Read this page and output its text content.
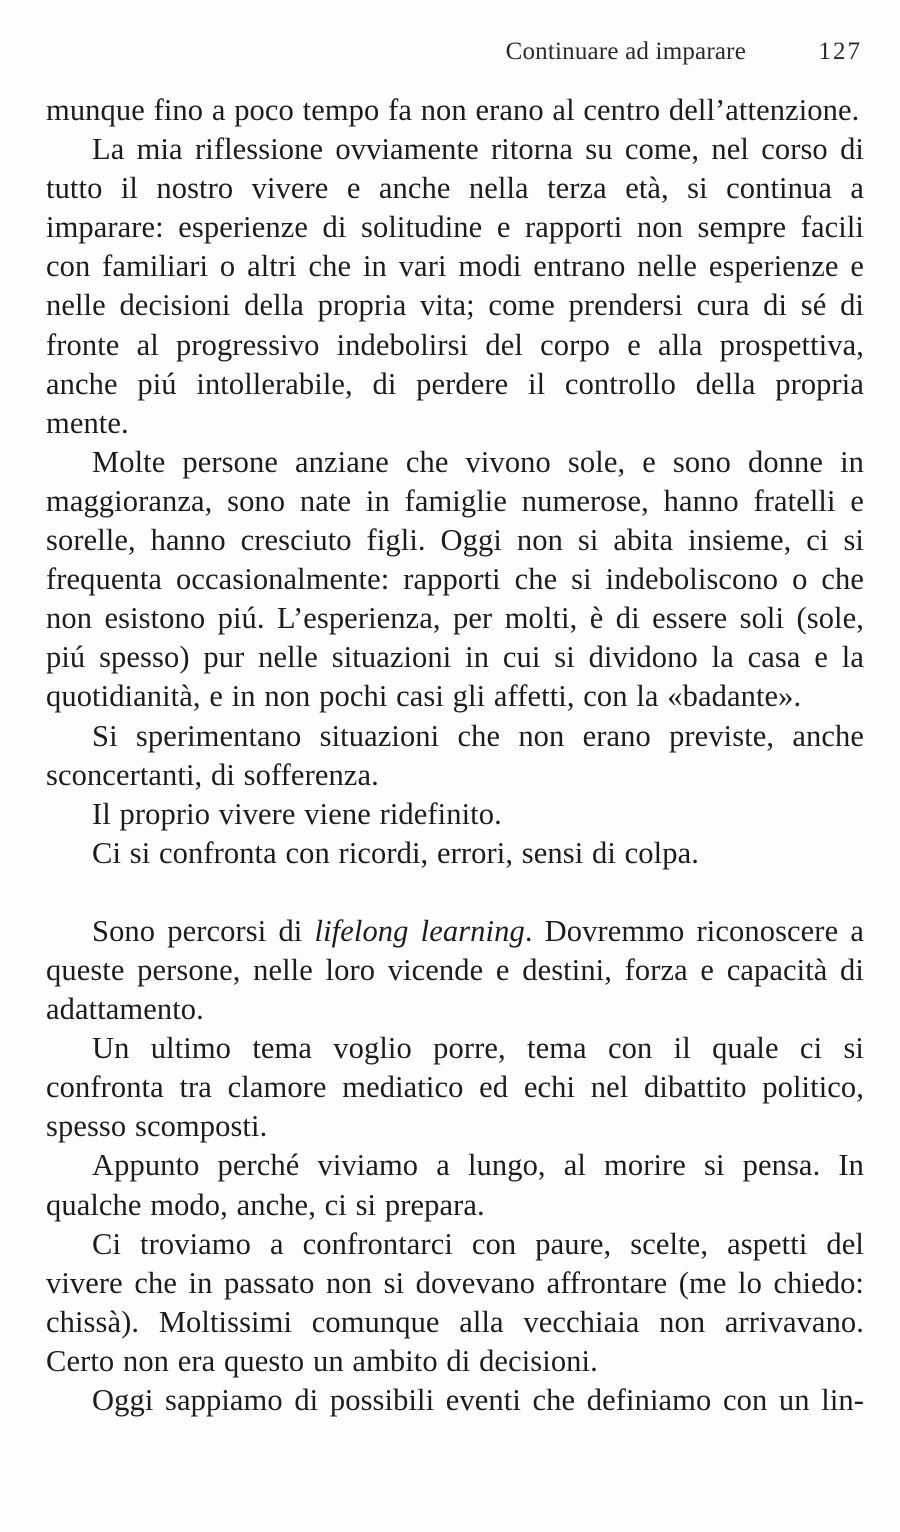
Continuare ad imparare	127

munque fino a poco tempo fa non erano al centro dell’attenzione.

La mia riflessione ovviamente ritorna su come, nel corso di tutto il nostro vivere e anche nella terza età, si continua a imparare: esperienze di solitudine e rapporti non sempre facili con familiari o altri che in vari modi entrano nelle esperienze e nelle decisioni della propria vita; come prendersi cura di sé di fronte al progressivo indebolirsi del corpo e alla prospettiva, anche piú intollerabile, di perdere il controllo della propria mente.

Molte persone anziane che vivono sole, e sono donne in maggioranza, sono nate in famiglie numerose, hanno fratelli e sorelle, hanno cresciuto figli. Oggi non si abita insieme, ci si frequenta occasionalmente: rapporti che si indeboliscono o che non esistono piú. L’esperienza, per molti, è di essere soli (sole, piú spesso) pur nelle situazioni in cui si dividono la casa e la quotidianità, e in non pochi casi gli affetti, con la «badante».

Si sperimentano situazioni che non erano previste, anche sconcertanti, di sofferenza.

Il proprio vivere viene ridefinito.

Ci si confronta con ricordi, errori, sensi di colpa.

Sono percorsi di lifelong learning. Dovremmo riconoscere a queste persone, nelle loro vicende e destini, forza e capacità di adattamento.

Un ultimo tema voglio porre, tema con il quale ci si confronta tra clamore mediatico ed echi nel dibattito politico, spesso scomposti.

Appunto perché viviamo a lungo, al morire si pensa. In qualche modo, anche, ci si prepara.

Ci troviamo a confrontarci con paure, scelte, aspetti del vivere che in passato non si dovevano affrontare (me lo chiedo: chissà). Moltissimi comunque alla vecchiaia non arrivavano. Certo non era questo un ambito di decisioni.

Oggi sappiamo di possibili eventi che definiamo con un lin-
